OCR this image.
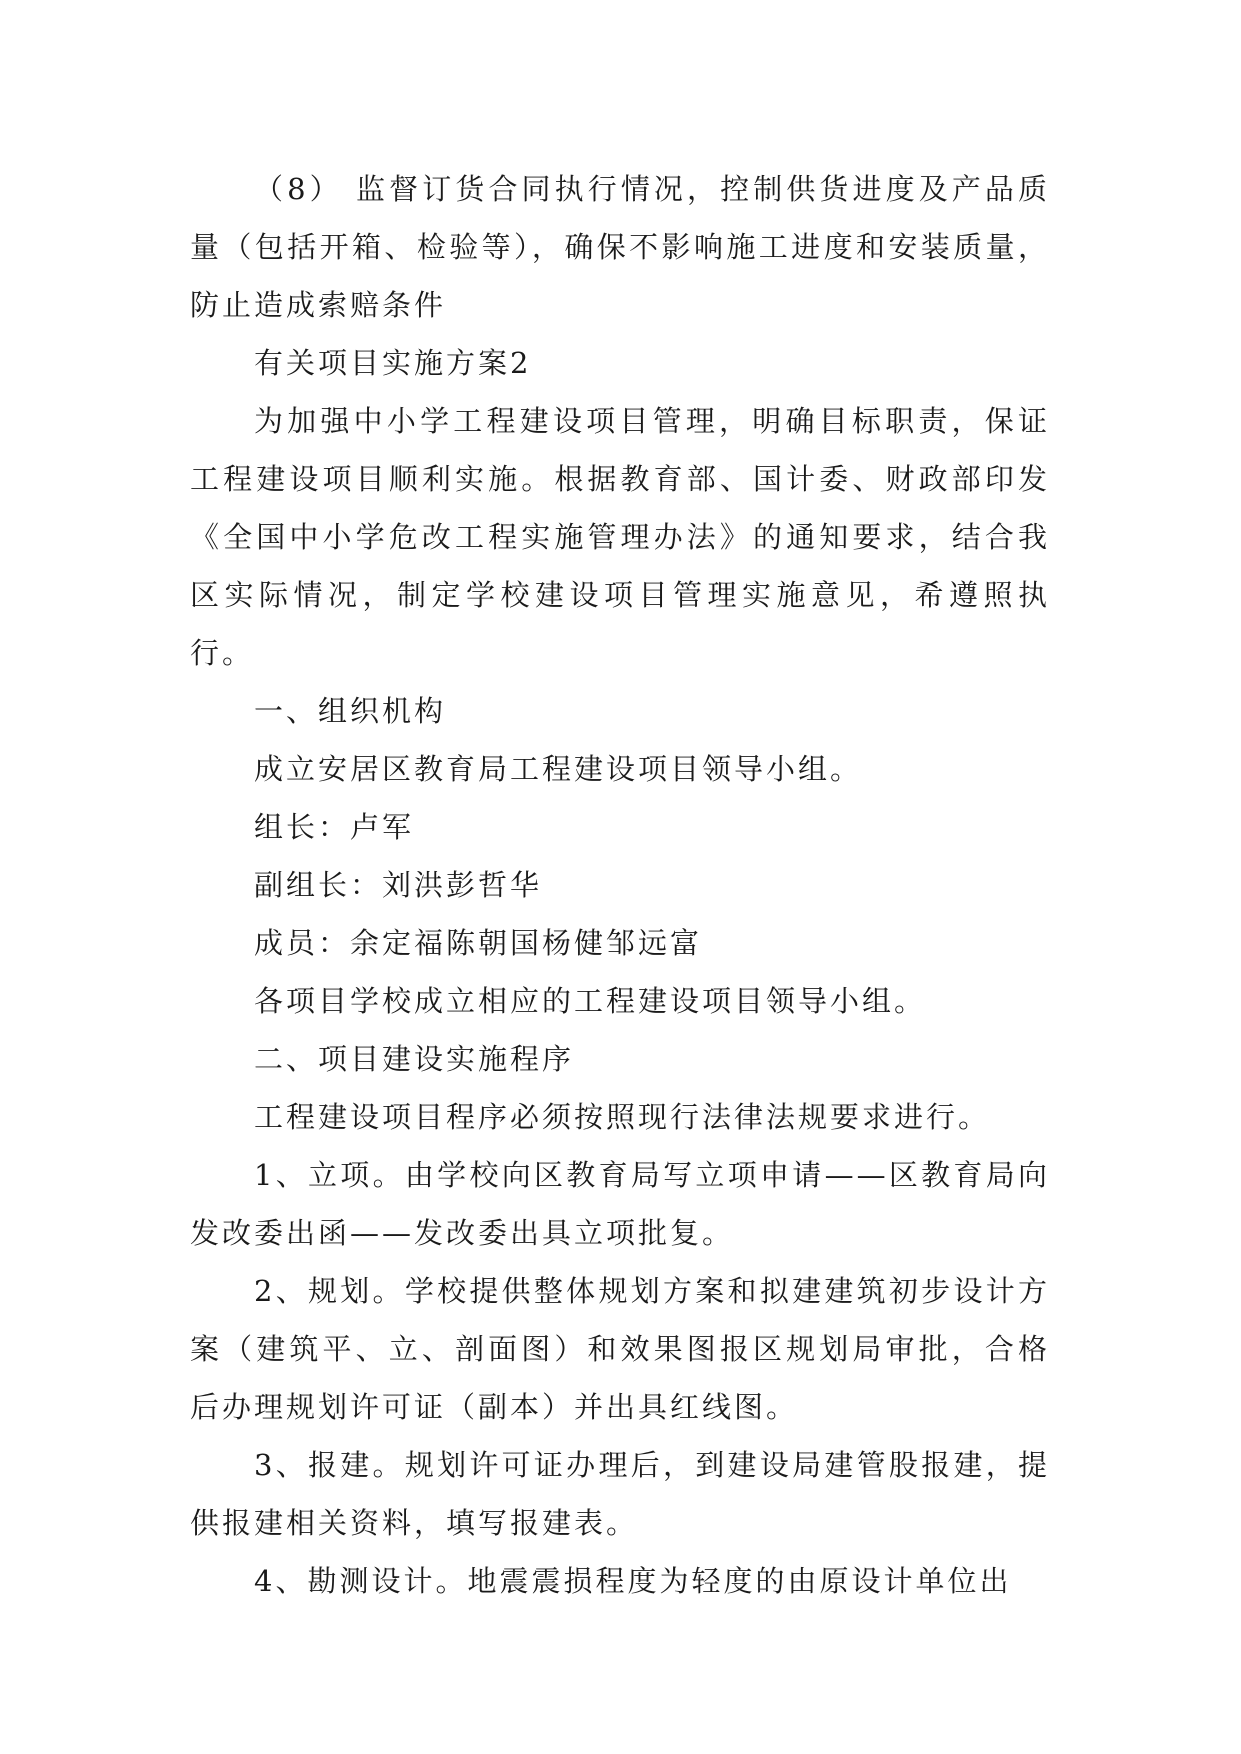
（8） 监督订货合同执行情况，控制供货进度及产品质量（包括开箱、检验等），确保不影响施工进度和安装质量，防止造成索赔条件

有关项目实施方案2

为加强中小学工程建设项目管理，明确目标职责，保证工程建设项目顺利实施。根据教育部、国计委、财政部印发《全国中小学危改工程实施管理办法》的通知要求，结合我区实际情况，制定学校建设项目管理实施意见，希遵照执行。

一、组织机构

成立安居区教育局工程建设项目领导小组。

组长：卢军

副组长：刘洪彭哲华

成员：余定福陈朝国杨健邹远富

各项目学校成立相应的工程建设项目领导小组。

二、项目建设实施程序

工程建设项目程序必须按照现行法律法规要求进行。

1、立项。由学校向区教育局写立项申请——区教育局向发改委出函——发改委出具立项批复。

2、规划。学校提供整体规划方案和拟建建筑初步设计方案（建筑平、立、剖面图）和效果图报区规划局审批，合格后办理规划许可证（副本）并出具红线图。

3、报建。规划许可证办理后，到建设局建管股报建，提供报建相关资料，填写报建表。

4、勘测设计。地震震损程度为轻度的由原设计单位出
